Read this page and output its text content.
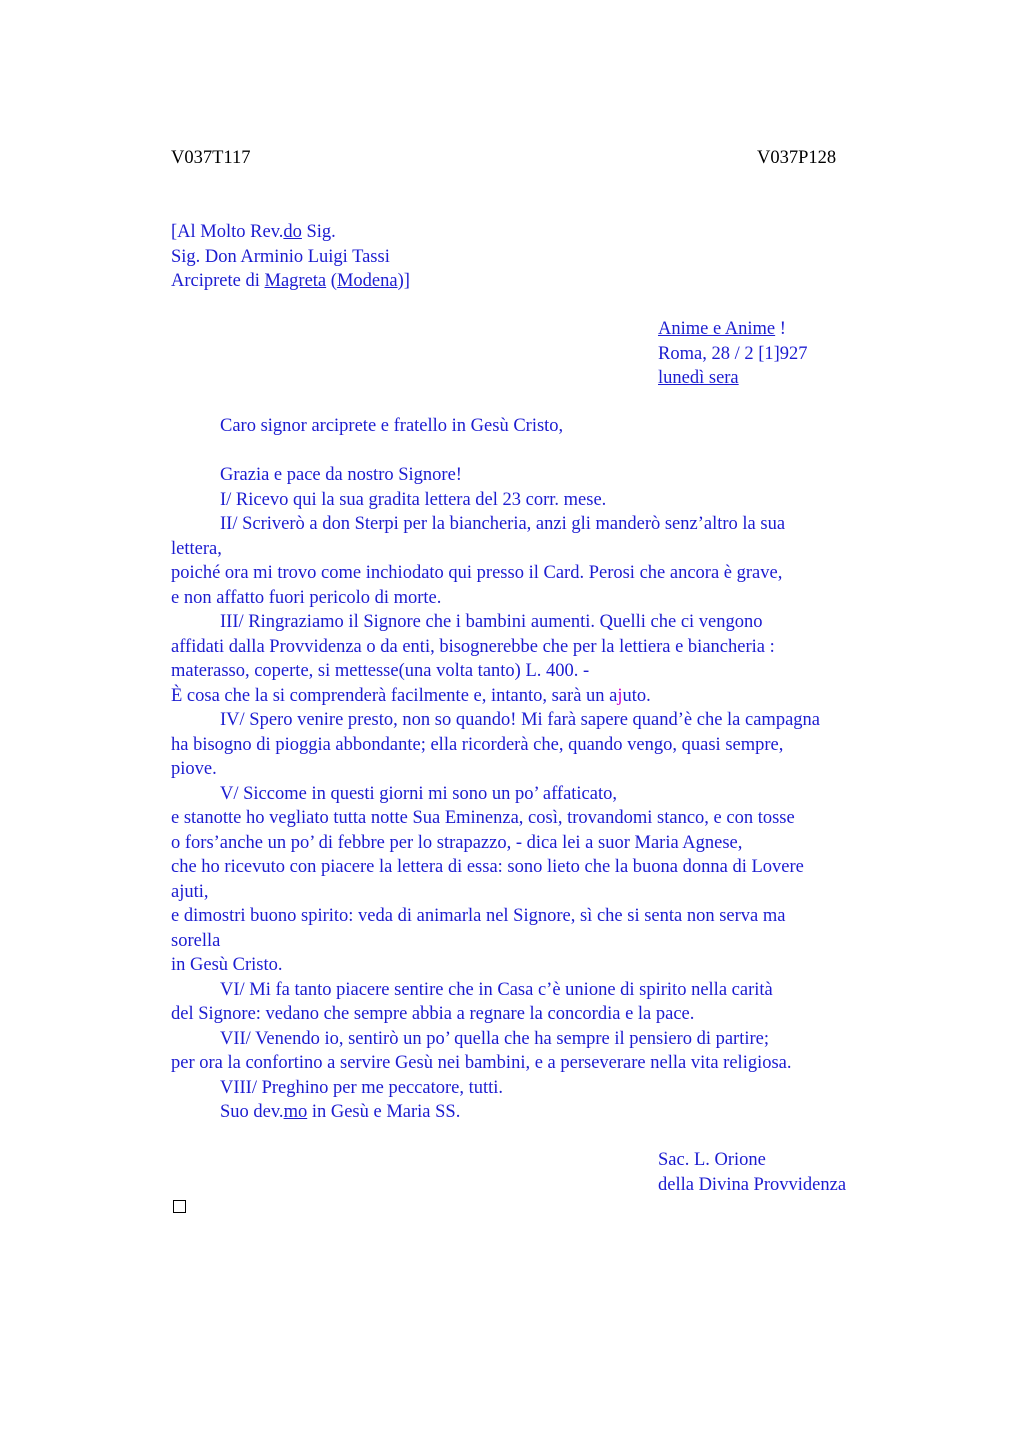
V037T117	V037P128
[Al Molto Rev.do Sig.
Sig. Don Arminio Luigi Tassi
Arciprete di Magreta (Modena)]
Anime e Anime !
Roma, 28 / 2 [1]927
lunedì sera
Caro signor arciprete e fratello in Gesù Cristo,
Grazia e pace da nostro Signore!
I/ Ricevo qui la sua gradita lettera del 23 corr. mese.
II/ Scriverò a don Sterpi per la biancheria, anzi gli manderò senz’altro la sua
lettera,
poiché ora mi trovo come inchiodato qui presso il Card. Perosi che ancora è grave,
e non affatto fuori pericolo di morte.
III/ Ringraziamo il Signore che i bambini aumenti. Quelli che ci vengono
affidati dalla Provvidenza o da enti, bisognerebbe che per la lettiera e biancheria :
materasso, coperte, si mettesse(una volta tanto) L. 400. -
È cosa che la si comprenderà facilmente e, intanto, sarà un ajuto.
IV/ Spero venire presto, non so quando! Mi farà sapere quand’è che la campagna
ha bisogno di pioggia abbondante; ella ricorderà che, quando vengo, quasi sempre,
piove.
V/ Siccome in questi giorni mi sono un po’ affaticato,
e stanotte ho vegliato tutta notte Sua Eminenza, così, trovandomi stanco, e con tosse
o fors’anche un po’ di febbre per lo strapazzo, - dica lei a suor Maria Agnese,
che ho ricevuto con piacere la lettera di essa: sono lieto che la buona donna di Lovere
ajuti,
e dimostri buono spirito: veda di animarla nel Signore, sì che si senta non serva ma
sorella
in Gesù Cristo.
VI/ Mi fa tanto piacere sentire che in Casa c’è unione di spirito nella carità
del Signore: vedano che sempre abbia a regnare la concordia e la pace.
VII/ Venendo io, sentirò un po’ quella che ha sempre il pensiero di partire;
per ora la confortino a servire Gesù nei bambini, e a perseverare nella vita religiosa.
VIII/ Preghino per me peccatore, tutti.
Suo dev.mo in Gesù e Maria SS.
Sac. L. Orione
della Divina Provvidenza
